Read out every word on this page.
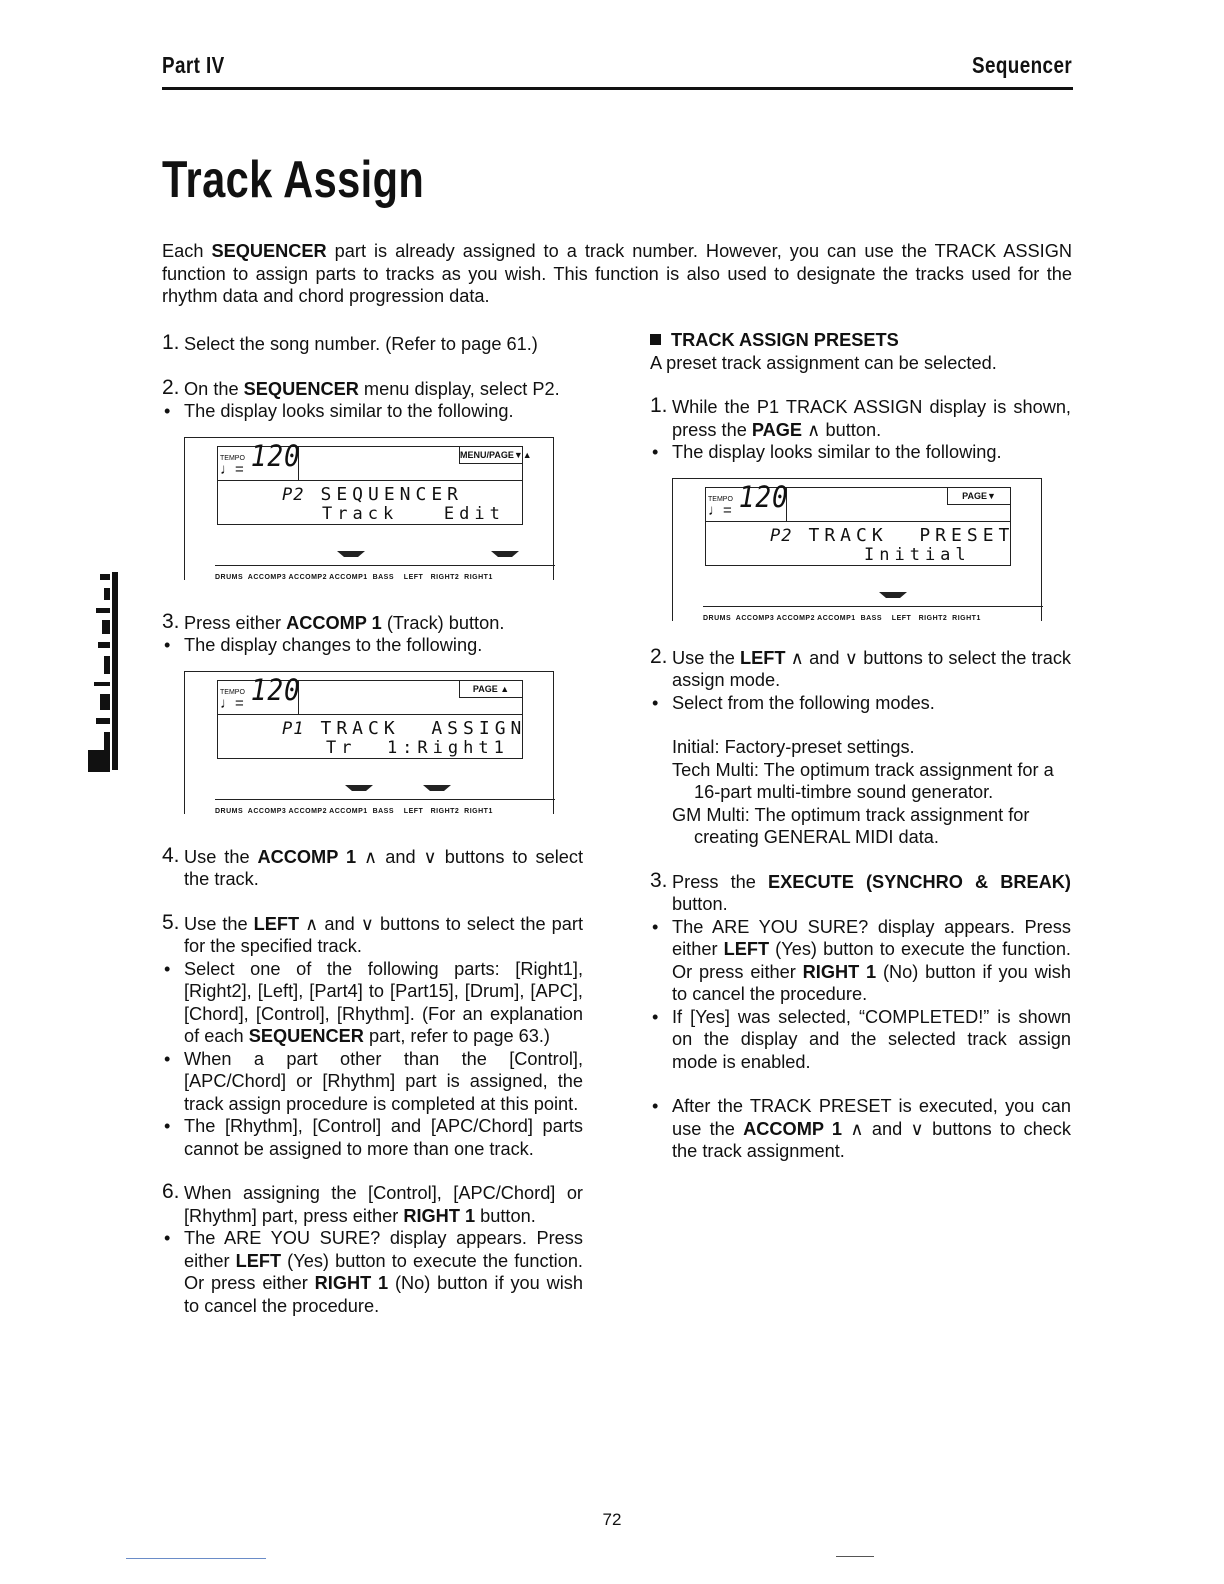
Part IV	Sequencer
Track Assign

Each SEQUENCER part is already assigned to a track number. However, you can use the TRACK ASSIGN function to assign parts to tracks as you wish. This function is also used to designate the tracks used for the rhythm data and chord progression data.

1. Select the song number. (Refer to page 61.)

2. On the SEQUENCER menu display, select P2.

• The display looks similar to the following.

TEMPO
♩= 120	MENU/PAGE▼▲
P2 SEQUENCER
Track   Edit
DRUMS  ACCOMP3 ACCOMP2 ACCOMP1  BASS    LEFT   RIGHT2  RIGHT1

3. Press either ACCOMP 1 (Track) button.

• The display changes to the following.

TEMPO
♩= 120	PAGE ▲
P1 TRACK  ASSIGN
Tr  1:Right1
DRUMS  ACCOMP3 ACCOMP2 ACCOMP1  BASS    LEFT   RIGHT2  RIGHT1

4. Use the ACCOMP 1 ∧ and ∨ buttons to select the track.

5. Use the LEFT ∧ and ∨ buttons to select the part for the specified track.

• Select one of the following parts: [Right1], [Right2], [Left], [Part4] to [Part15], [Drum], [APC], [Chord], [Control], [Rhythm]. (For an explanation of each SEQUENCER part, refer to page 63.)

• When a part other than the [Control], [APC/Chord] or [Rhythm] part is assigned, the track assign procedure is completed at this point.

• The [Rhythm], [Control] and [APC/Chord] parts cannot be assigned to more than one track.

6. When assigning the [Control], [APC/Chord] or [Rhythm] part, press either RIGHT 1 button.

• The ARE YOU SURE? display appears. Press either LEFT (Yes) button to execute the function. Or press either RIGHT 1 (No) button if you wish to cancel the procedure.

TRACK ASSIGN PRESETS

A preset track assignment can be selected.

1. While the P1 TRACK ASSIGN display is shown, press the PAGE ∧ button.

• The display looks similar to the following.

TEMPO
♩= 120	PAGE▼
P2 TRACK  PRESET
Initial
DRUMS  ACCOMP3 ACCOMP2 ACCOMP1  BASS    LEFT   RIGHT2  RIGHT1

2. Use the LEFT ∧ and ∨ buttons to select the track assign mode.

• Select from the following modes.

Initial: Factory-preset settings.

Tech Multi: The optimum track assignment for a 16-part multi-timbre sound generator.

GM Multi: The optimum track assignment for creating GENERAL MIDI data.

3. Press the EXECUTE (SYNCHRO & BREAK) button.

• The ARE YOU SURE? display appears. Press either LEFT (Yes) button to execute the function. Or press either RIGHT 1 (No) button if you wish to cancel the procedure.

• If [Yes] was selected, “COMPLETED!” is shown on the display and the selected track assign mode is enabled.

• After the TRACK PRESET is executed, you can use the ACCOMP 1 ∧ and ∨ buttons to check the track assignment.

72
